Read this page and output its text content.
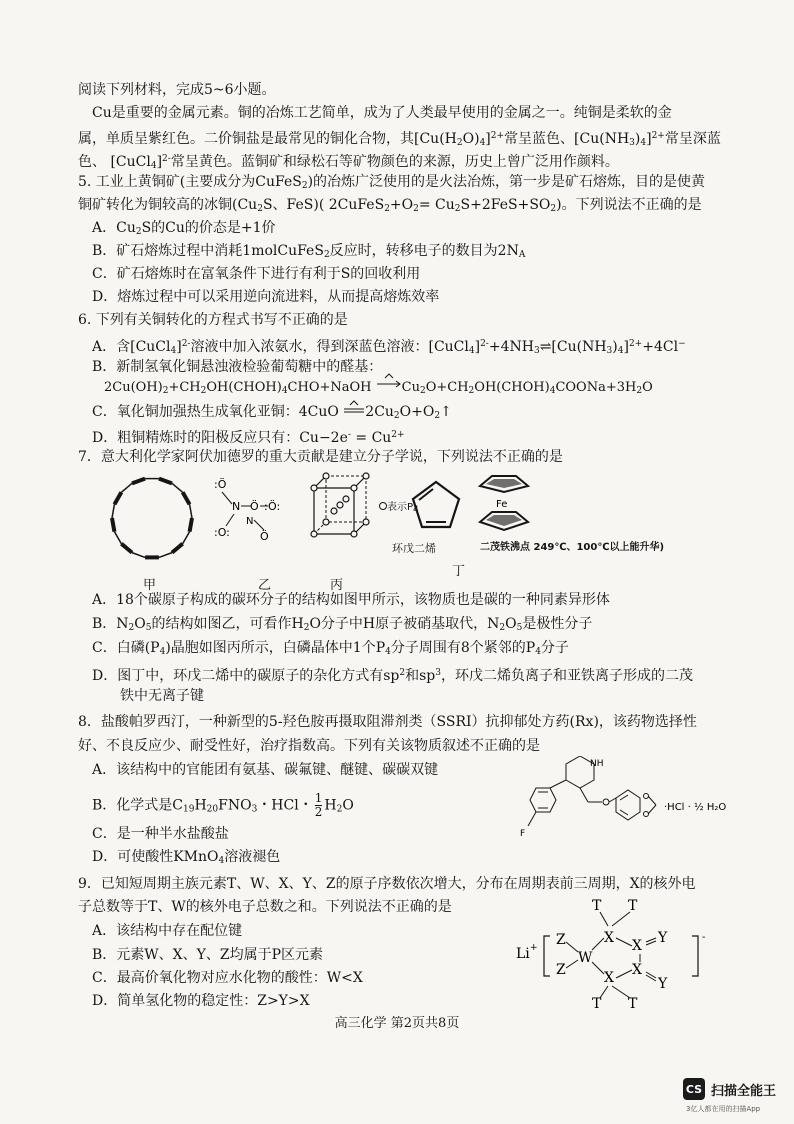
阅读下列材料，完成5~6小题。
Cu是重要的金属元素。铜的冶炼工艺简单，成为了人类最早使用的金属之一。纯铜是柔软的金
属，单质呈紫红色。二价铜盐是最常见的铜化合物，其$[Cu(H_2O)_4]^{2+}$常呈蓝色、$[Cu(NH_3)_4]^{2+}$常呈深蓝
色、 [CuCl$_4$]$^{2-}$常呈黄色。蓝铜矿和绿松石等矿物颜色的来源，历史上曾广泛用作颜料。
5. 工业上黄铜矿(主要成分为CuFeS$_2$)的冶炼广泛使用的是火法冶炼，第一步是矿石熔炼，目的是使黄
铜矿转化为铜较高的冰铜($Cu_2S$、FeS)( $2CuFeS_2+O_2= Cu_2S+2FeS+SO_2$)。下列说法不正确的是
A．$Cu_2S$的Cu的价态是+1价
B．矿石熔炼过程中消耗1molCuFeS$_2$反应时，转移电子的数目为$2N_A$
C．矿石熔炼时在富氧条件下进行有利于S的回收利用
D．熔炼过程中可以采用逆向流进料，从而提高熔炼效率
6. 下列有关铜转化的方程式书写不正确的是
A．含[CuCl$_4$]$^{2-}$溶液中加入浓氨水，得到深蓝色溶液：$[CuCl_4]^{2-}+4NH_3\rightleftharpoons[Cu(NH_3)_4]^{2+}+4Cl^-$
B．新制氢氧化铜悬浊液检验葡萄糖中的醛基：
$2Cu(OH)_2+CH_2OH(CHOH)_4CHO+NaOH$
$Cu_2O+CH_2OH(CHOH)_4COONa+3H_2O$
C．氧化铜加强热生成氧化亚铜：4CuO
$2Cu_2O+O_2↑$
D．粗铜精炼时的阳极反应只有：$Cu-2e^- = Cu^{2+}$
7．意大利化学家阿伏加德罗的重大贡献是建立分子学说，下列说法不正确的是
甲
:Ö
N Ö :
:O:
N
Ö
Ö:
乙	丙
表示P4
环戊二烯
丁
Fe
二茂铁沸点 249℃、100℃以上能升华)
A．18个碳原子构成的碳环分子的结构如图甲所示，该物质也是碳的一种同素异形体
B．$N_2O_5$的结构如图乙，可看作$H_2O$分子中H原子被硝基取代，$N_2O_5$是极性分子
C．白磷$(P_4)$晶胞如图丙所示，白磷晶体中1个$P_4$分子周围有8个紧邻的$P_4$分子
D．图丁中，环戊二烯中的碳原子的杂化方式有$sp^2$和$sp^3$，环戊二烯负离子和亚铁离子形成的二茂
铁中无离子键
8．盐酸帕罗西汀，一种新型的5-羟色胺再摄取阻滞剂类（SSRI）抗抑郁处方药(Rx)，该药物选择性
好、不良反应少、耐受性好，治疗指数高。下列有关该物质叙述不正确的是
A．该结构中的官能团有氨基、碳氟键、醚键、碳碳双键
B．化学式是$C_{19}H_{20}FNO_3$・HCl・ $\frac{1}{2} H_2O$
C．是一种半水盐酸盐
D．可使酸性KMnO$_4$溶液褪色
NH
F
·HCl · ½ H₂O
9．已知短周期主族元素T、W、X、Y、Z的原子序数依次增大，分布在周期表前三周期，X的核外电
子总数等于T、W的核外电子总数之和。下列说法不正确的是
A．该结构中存在配位键
B．元素W、X、Y、Z均属于P区元素
C．最高价氧化物对应水化物的酸性：W<X
D．简单氢化物的稳定性：Z>Y>X
Li +
-
Z
Z
W
X
X
T T
X Y
X
Y
T T
高三化学 第2页共8页
CS 扫描全能王
3亿人都在用的扫描App
